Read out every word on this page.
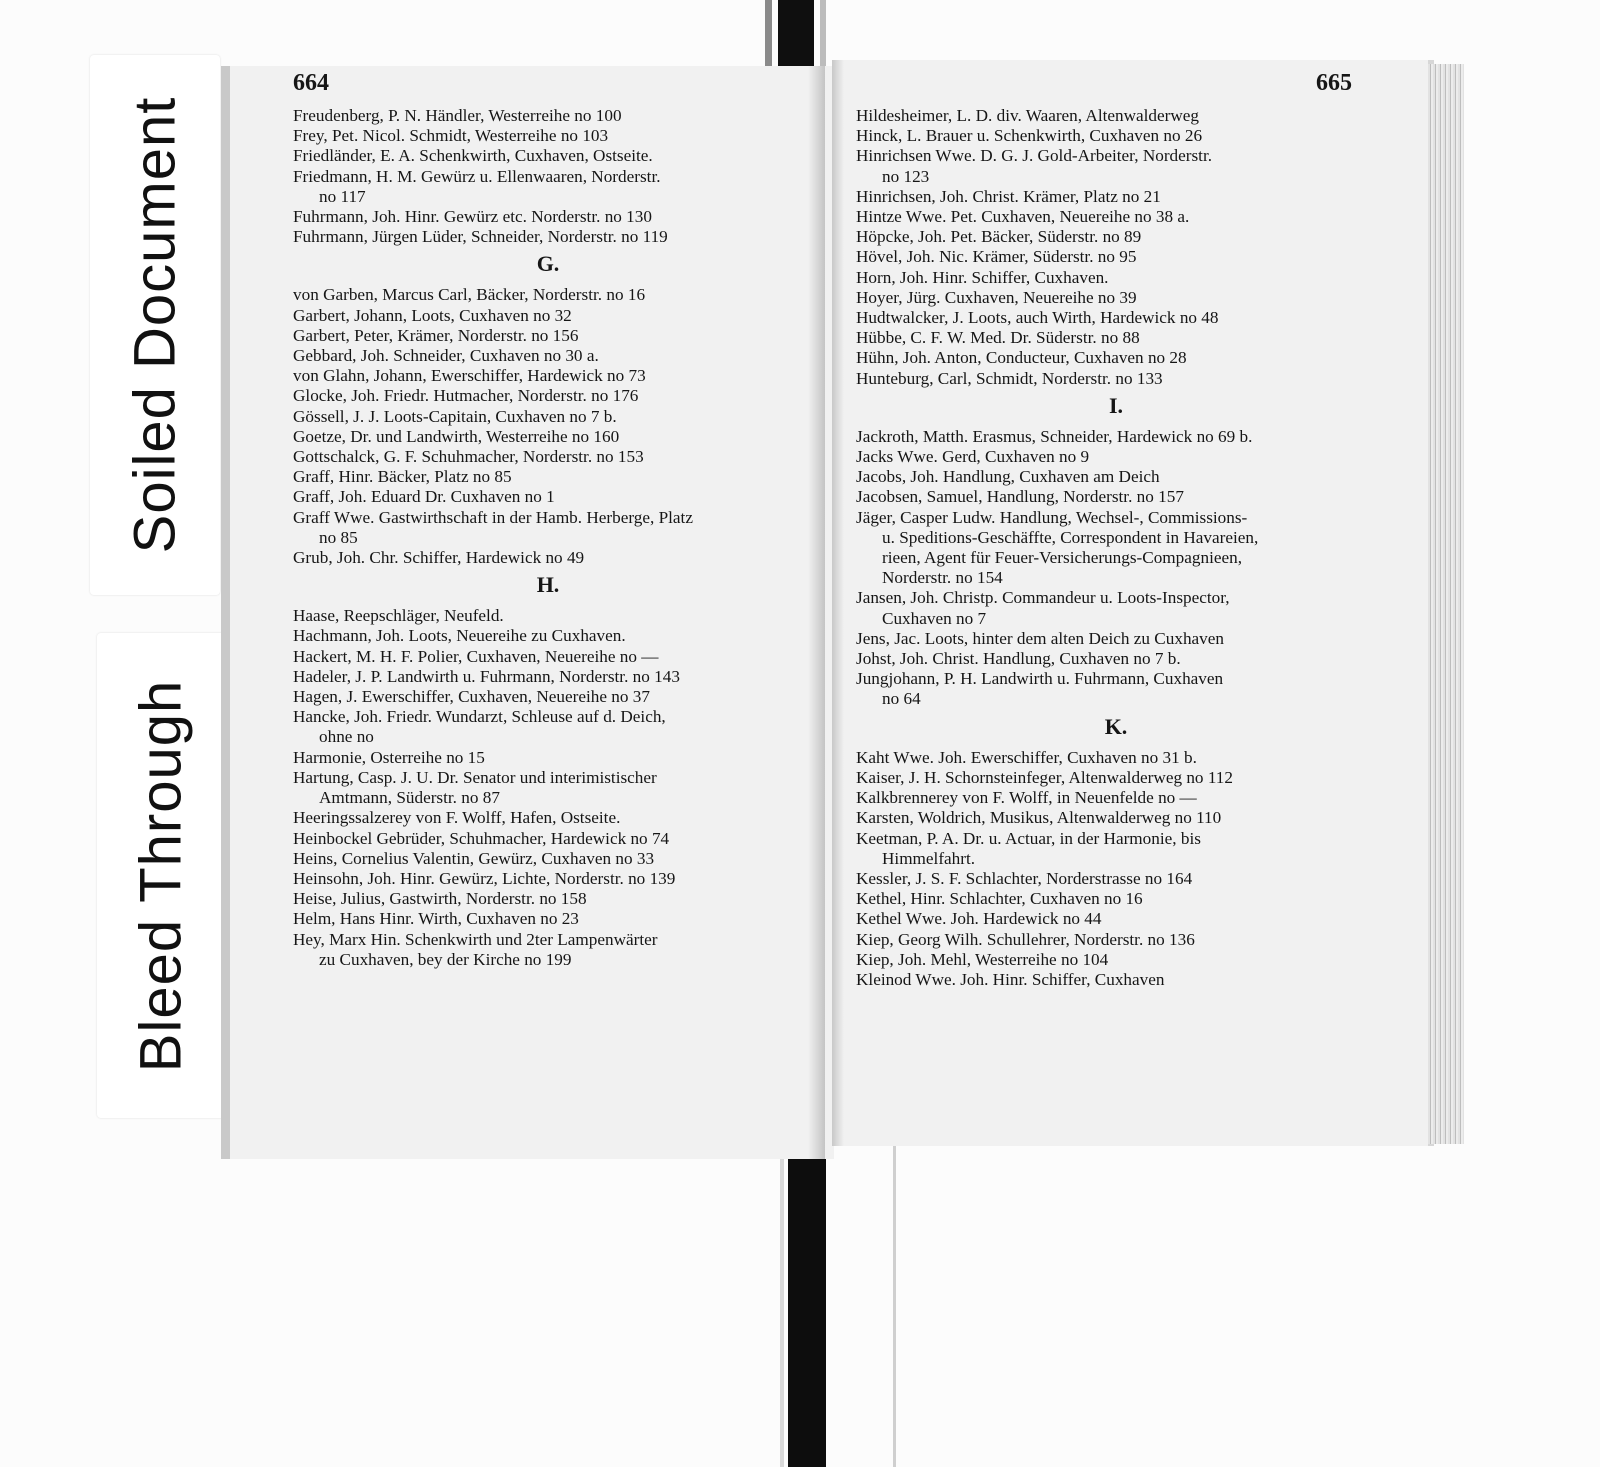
Soiled Document
Bleed Through
664	665
Freudenberg, P. N. Händler, Westerreihe no 100
Frey, Pet. Nicol. Schmidt, Westerreihe no 103
Friedländer, E. A. Schenkwirth, Cuxhaven, Ostseite.
Friedmann, H. M. Gewürz u. Ellenwaaren, Norderstr.
no 117
Fuhrmann, Joh. Hinr. Gewürz etc. Norderstr. no 130
Fuhrmann, Jürgen Lüder, Schneider, Norderstr. no 119
G.
von Garben, Marcus Carl, Bäcker, Norderstr. no 16
Garbert, Johann, Loots, Cuxhaven no 32
Garbert, Peter, Krämer, Norderstr. no 156
Gebbard, Joh. Schneider, Cuxhaven no 30 a.
von Glahn, Johann, Ewerschiffer, Hardewick no 73
Glocke, Joh. Friedr. Hutmacher, Norderstr. no 176
Gössell, J. J. Loots-Capitain, Cuxhaven no 7 b.
Goetze, Dr. und Landwirth, Westerreihe no 160
Gottschalck, G. F. Schuhmacher, Norderstr. no 153
Graff, Hinr. Bäcker, Platz no 85
Graff, Joh. Eduard Dr. Cuxhaven no 1
Graff Wwe. Gastwirthschaft in der Hamb. Herberge, Platz
no 85
Grub, Joh. Chr. Schiffer, Hardewick no 49
H.
Haase, Reepschläger, Neufeld.
Hachmann, Joh. Loots, Neuereihe zu Cuxhaven.
Hackert, M. H. F. Polier, Cuxhaven, Neuereihe no —
Hadeler, J. P. Landwirth u. Fuhrmann, Norderstr. no 143
Hagen, J. Ewerschiffer, Cuxhaven, Neuereihe no 37
Hancke, Joh. Friedr. Wundarzt, Schleuse auf d. Deich,
ohne no
Harmonie, Osterreihe no 15
Hartung, Casp. J. U. Dr. Senator und interimistischer
Amtmann, Süderstr. no 87
Heeringssalzerey von F. Wolff, Hafen, Ostseite.
Heinbockel Gebrüder, Schuhmacher, Hardewick no 74
Heins, Cornelius Valentin, Gewürz, Cuxhaven no 33
Heinsohn, Joh. Hinr. Gewürz, Lichte, Norderstr. no 139
Heise, Julius, Gastwirth, Norderstr. no 158
Helm, Hans Hinr. Wirth, Cuxhaven no 23
Hey, Marx Hin. Schenkwirth und 2ter Lampenwärter
zu Cuxhaven, bey der Kirche no 199
Hildesheimer, L. D. div. Waaren, Altenwalderweg
Hinck, L. Brauer u. Schenkwirth, Cuxhaven no 26
Hinrichsen Wwe. D. G. J. Gold-Arbeiter, Norderstr.
no 123
Hinrichsen, Joh. Christ. Krämer, Platz no 21
Hintze Wwe. Pet. Cuxhaven, Neuereihe no 38 a.
Höpcke, Joh. Pet. Bäcker, Süderstr. no 89
Hövel, Joh. Nic. Krämer, Süderstr. no 95
Horn, Joh. Hinr. Schiffer, Cuxhaven.
Hoyer, Jürg. Cuxhaven, Neuereihe no 39
Hudtwalcker, J. Loots, auch Wirth, Hardewick no 48
Hübbe, C. F. W. Med. Dr. Süderstr. no 88
Hühn, Joh. Anton, Conducteur, Cuxhaven no 28
Hunteburg, Carl, Schmidt, Norderstr. no 133
I.
Jackroth, Matth. Erasmus, Schneider, Hardewick no 69 b.
Jacks Wwe. Gerd, Cuxhaven no 9
Jacobs, Joh. Handlung, Cuxhaven am Deich
Jacobsen, Samuel, Handlung, Norderstr. no 157
Jäger, Casper Ludw. Handlung, Wechsel-, Commissions-
u. Speditions-Geschäffte, Correspondent in Havareien,
rieen, Agent für Feuer-Versicherungs-Compagnieen,
Norderstr. no 154
Jansen, Joh. Christp. Commandeur u. Loots-Inspector,
Cuxhaven no 7
Jens, Jac. Loots, hinter dem alten Deich zu Cuxhaven
Johst, Joh. Christ. Handlung, Cuxhaven no 7 b.
Jungjohann, P. H. Landwirth u. Fuhrmann, Cuxhaven
no 64
K.
Kaht Wwe. Joh. Ewerschiffer, Cuxhaven no 31 b.
Kaiser, J. H. Schornsteinfeger, Altenwalderweg no 112
Kalkbrennerey von F. Wolff, in Neuenfelde no —
Karsten, Woldrich, Musikus, Altenwalderweg no 110
Keetman, P. A. Dr. u. Actuar, in der Harmonie, bis
Himmelfahrt.
Kessler, J. S. F. Schlachter, Norderstrasse no 164
Kethel, Hinr. Schlachter, Cuxhaven no 16
Kethel Wwe. Joh. Hardewick no 44
Kiep, Georg Wilh. Schullehrer, Norderstr. no 136
Kiep, Joh. Mehl, Westerreihe no 104
Kleinod Wwe. Joh. Hinr. Schiffer, Cuxhaven
